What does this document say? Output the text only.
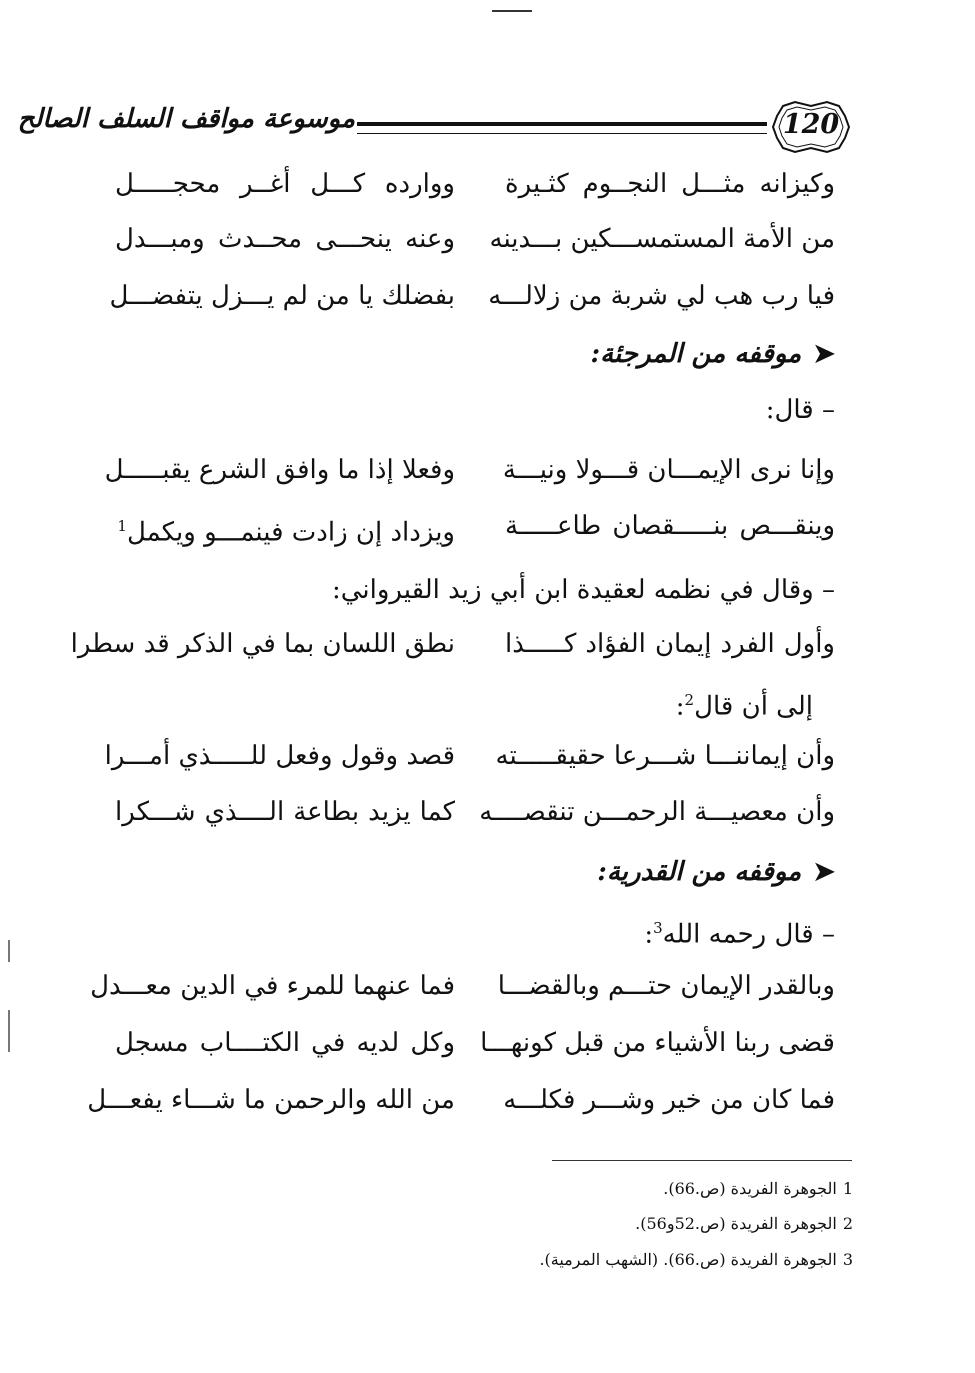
موسوعة مواقف السلف الصالح	120
وكيزانه مثـــل النجــوم كثـيرة
ووارده كـــل أغــر محجـــــل
من الأمة المستمســـكين بـــدينه
وعنه ينحـــى محــدث ومبـــدل
فيا رب هب لي شربة من زلالـــه
بفضلك يا من لم يـــزل يتفضـــل
➤موقفه من المرجئة:
– قال:
وإنا نرى الإيمـــان قـــولا ونيـــة
وفعلا إذا ما وافق الشرع يقبـــــل
وينقـــص بنـــــقصان طاعـــــة
ويزداد إن زادت فينمـــو ويكمل$^1$
– وقال في نظمه لعقيدة ابن أبي زيد القيرواني:
وأول الفرد إيمان الفؤاد كـــــذا
نطق اللسان بما في الذكر قد سطرا
إلى أن قال$^2$:
وأن إيماننـــا شـــرعا حقيقـــــته
قصد وقول وفعل للـــــذي أمـــرا
وأن معصيـــة الرحمـــن تنقصــــه
كما يزيد بطاعة الــــذي شـــكرا
➤موقفه من القدرية:
– قال رحمه الله$^3$:
وبالقدر الإيمان حتـــم وبالقضـــا
فما عنهما للمرء في الدين معـــدل
قضى ربنا الأشياء من قبل كونهـــا
وكل لديه في الكتــــاب مسجل
فما كان من خير وشـــر فكلـــه
من الله والرحمن ما شـــاء يفعـــل
1الجوهرة الفريدة (ص.66).
2الجوهرة الفريدة (ص.52و56).
3الجوهرة الفريدة (ص.66). (الشهب المرمية).
